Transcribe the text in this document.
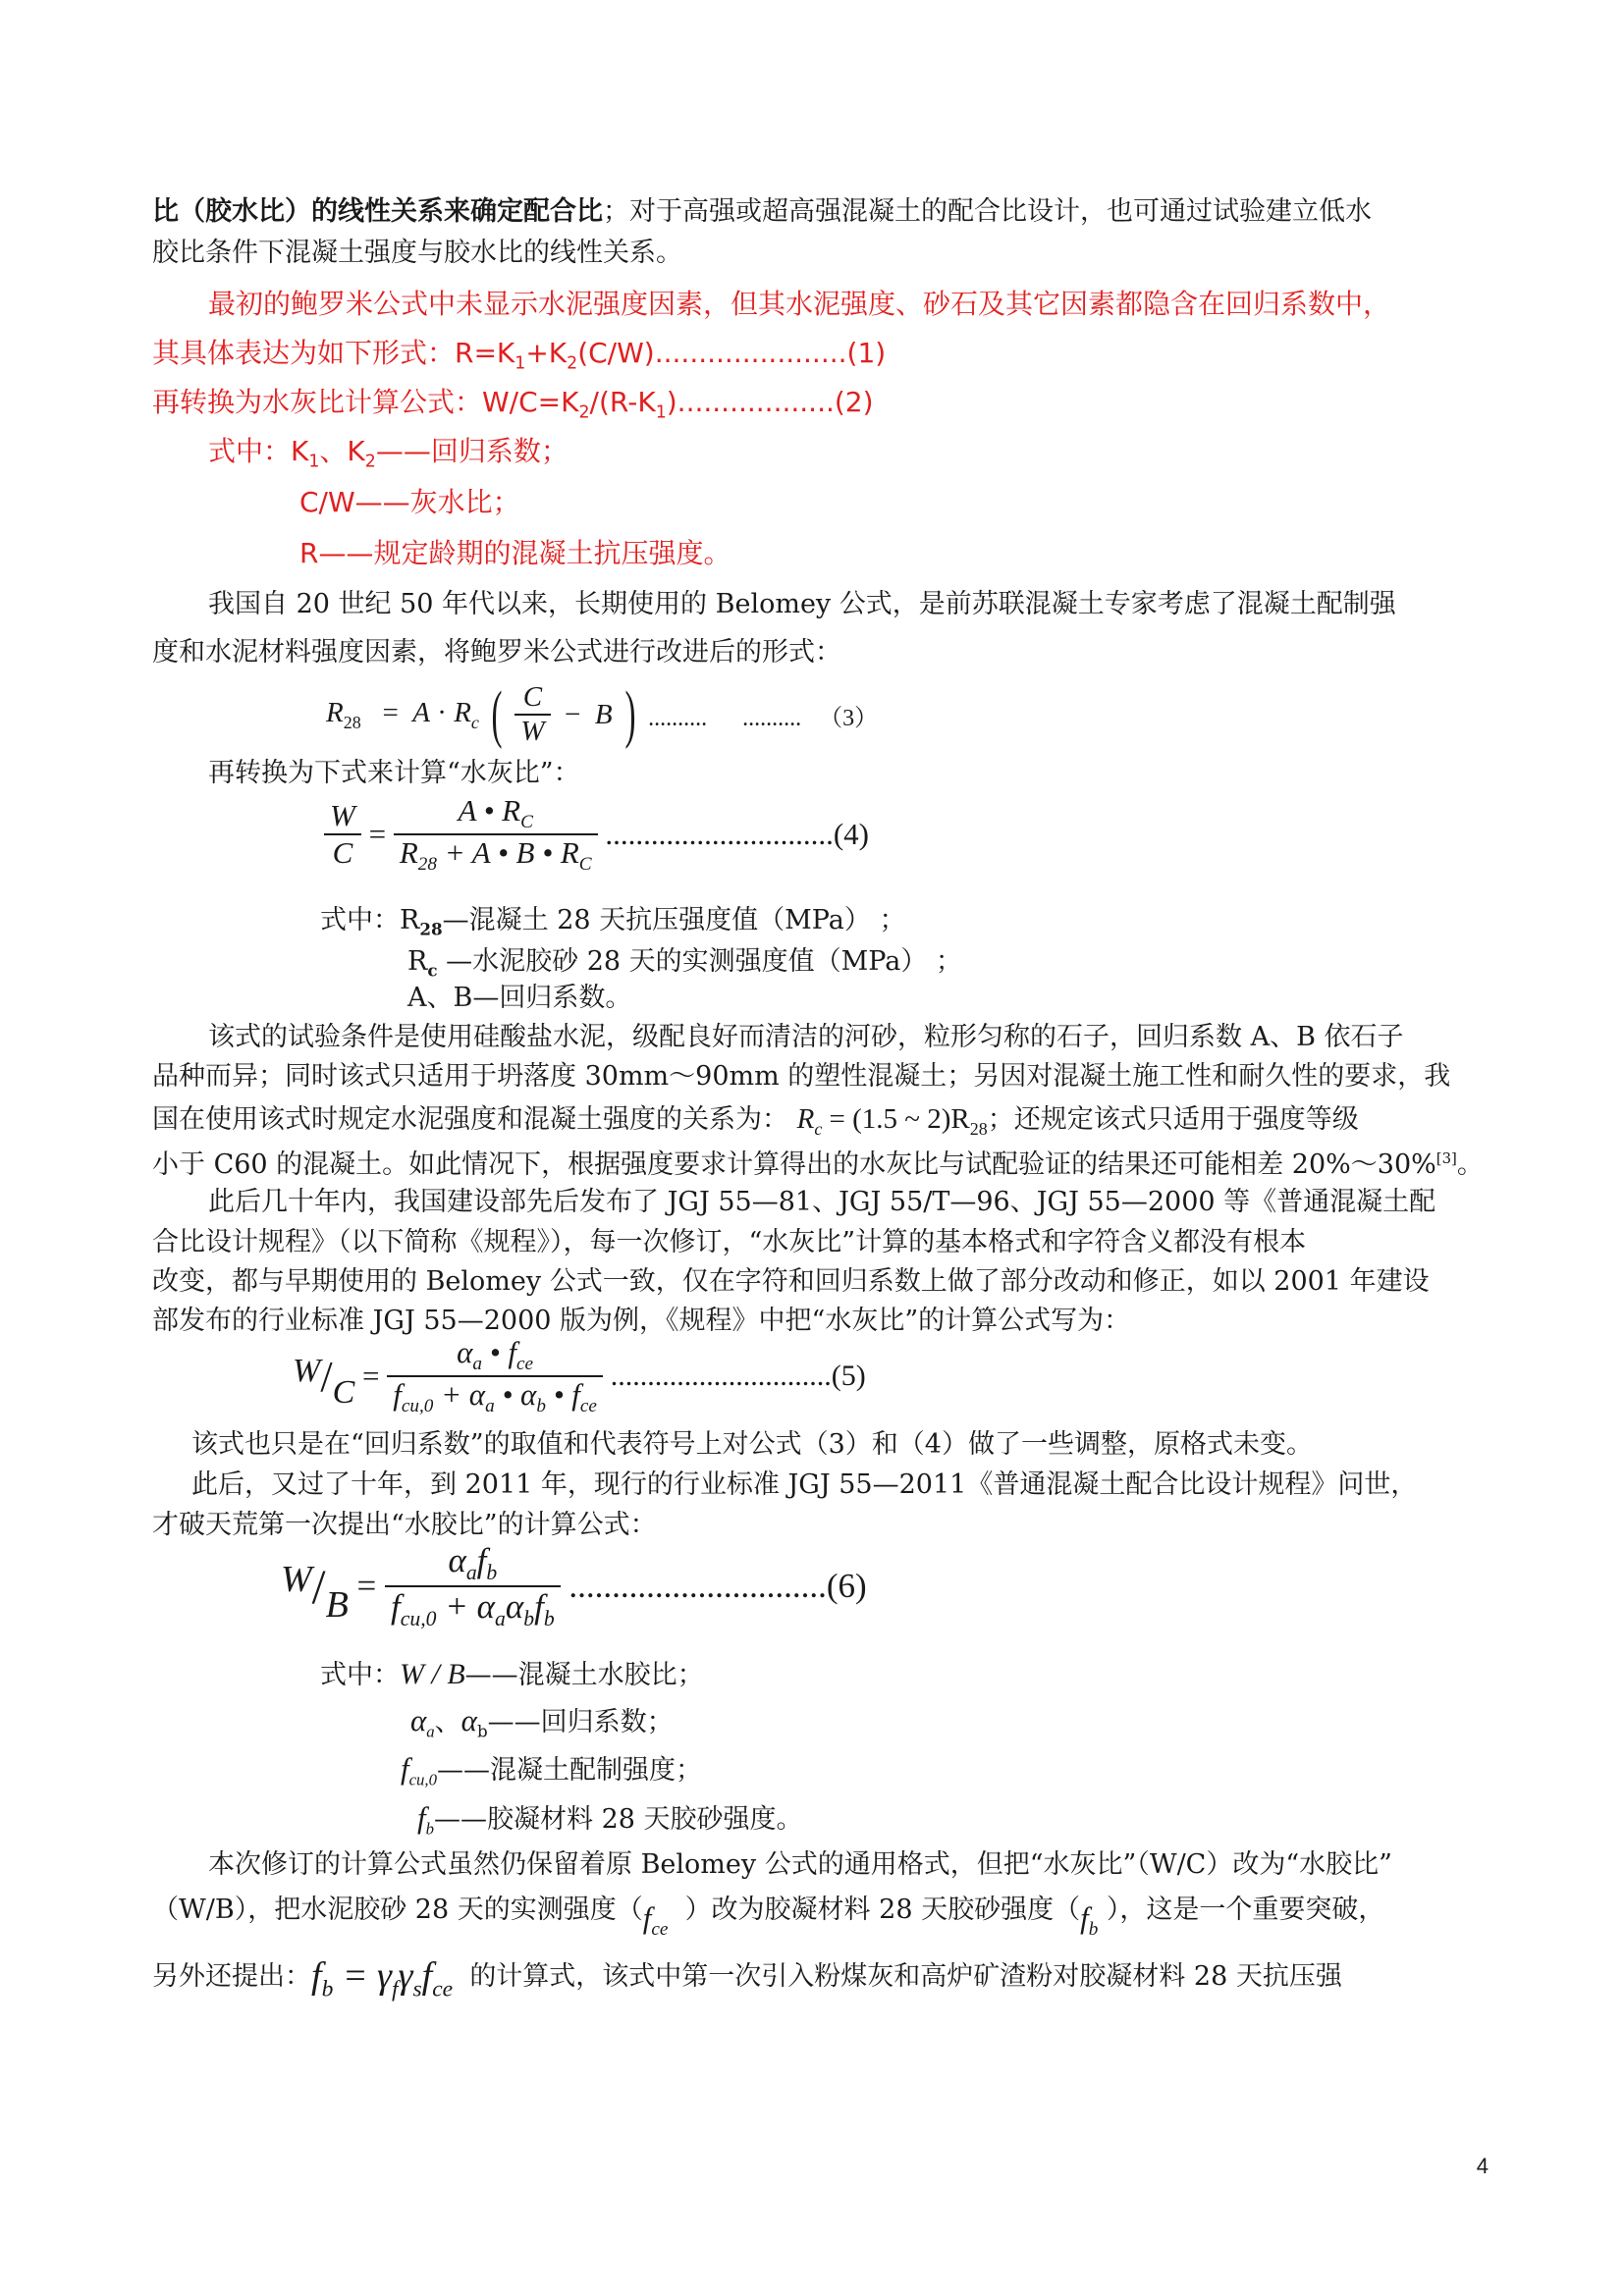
比（胶水比）的线性关系来确定配合比；对于高强或超高强混凝土的配合比设计，也可通过试验建立低水
胶比条件下混凝土强度与胶水比的线性关系。
最初的鲍罗米公式中未显示水泥强度因素，但其水泥强度、砂石及其它因素都隐含在回归系数中，
其具体表达为如下形式：$R=K_1+K_2(C/W)......................(1)$
再转换为水灰比计算公式：$W/C=K_2/(R-K_1)..................(2)$
式中：$K_1$、$K_2——$回归系数；
C/W——灰水比；
R——规定龄期的混凝土抗压强度。
我国自 20 世纪 50 年代以来，长期使用的 Belomey 公式，是前苏联混凝土专家考虑了混凝土配制强
度和水泥材料强度因素，将鲍罗米公式进行改进后的形式：
$R_{28} = A \cdot R_c$ ( $\frac{C}{W} - B$ ) .......... .......... （3）
再转换为下式来计算“水灰比”：
$\frac{W}{C} = \frac{A • R_C}{R_{28} + A • B • R_C} ..............................(4)$
式中：$R_{28}—$混凝土 28 天抗压强度值（MPa） ；
$R_c$ —水泥胶砂 28 天的实测强度值（MPa） ；
A、B—回归系数。
该式的试验条件是使用硅酸盐水泥，级配良好而清洁的河砂，粒形匀称的石子，回归系数 A、B 依石子
品种而异；同时该式只适用于坍落度 30mm～90mm 的塑性混凝土；另因对混凝土施工性和耐久性的要求，我
国在使用该式时规定水泥强度和混凝土强度的关系为： $R_c = (1.5$ ~ $2)R_{28}$；还规定该式只适用于强度等级
小于 C60 的混凝土。如此情况下，根据强度要求计算得出的水灰比与试配验证的结果还可能相差 20%～30%[3]。
此后几十年内，我国建设部先后发布了 JGJ 55—81、JGJ 55/T—96、JGJ 55—2000 等《普通混凝土配
合比设计规程》（以下简称《规程》），每一次修订，“水灰比”计算的基本格式和字符含义都没有根本
改变，都与早期使用的 Belomey 公式一致，仅在字符和回归系数上做了部分改动和修正，如以 2001 年建设
部发布的行业标准 JGJ 55—2000 版为例，《规程》中把“水灰比”的计算公式写为：
$W/C = \frac{\alpha_a • f_{ce}}{f_{cu,0} + \alpha_a • \alpha_b • f_{ce}} ..............................(5)$
该式也只是在“回归系数”的取值和代表符号上对公式（3）和（4）做了一些调整，原格式未变。
此后，又过了十年，到 2011 年，现行的行业标准 JGJ 55—2011《普通混凝土配合比设计规程》问世，
才破天荒第一次提出“水胶比”的计算公式：
$W/B = \frac{\alpha_af_b}{f_{cu,0} + \alpha_a\alpha_bf_b} ..............................(6)$
式中：W / B——混凝土水胶比；
$\alpha_a$、$\alpha_b——$回归系数；
$f_{cu,0}——$混凝土配制强度；
$f_b——$胶凝材料 28 天胶砂强度。
本次修订的计算公式虽然仍保留着原 Belomey 公式的通用格式，但把“水灰比”（W/C）改为“水胶比”
（W/B），把水泥胶砂 28 天的实测强度（$f_{ce}$  ）改为胶凝材料 28 天胶砂强度（$f_b$ ），这是一个重要突破，
另外还提出：$f_b = \gamma_f\gamma_sf_{ce}$ 的计算式，该式中第一次引入粉煤灰和高炉矿渣粉对胶凝材料 28 天抗压强
4
